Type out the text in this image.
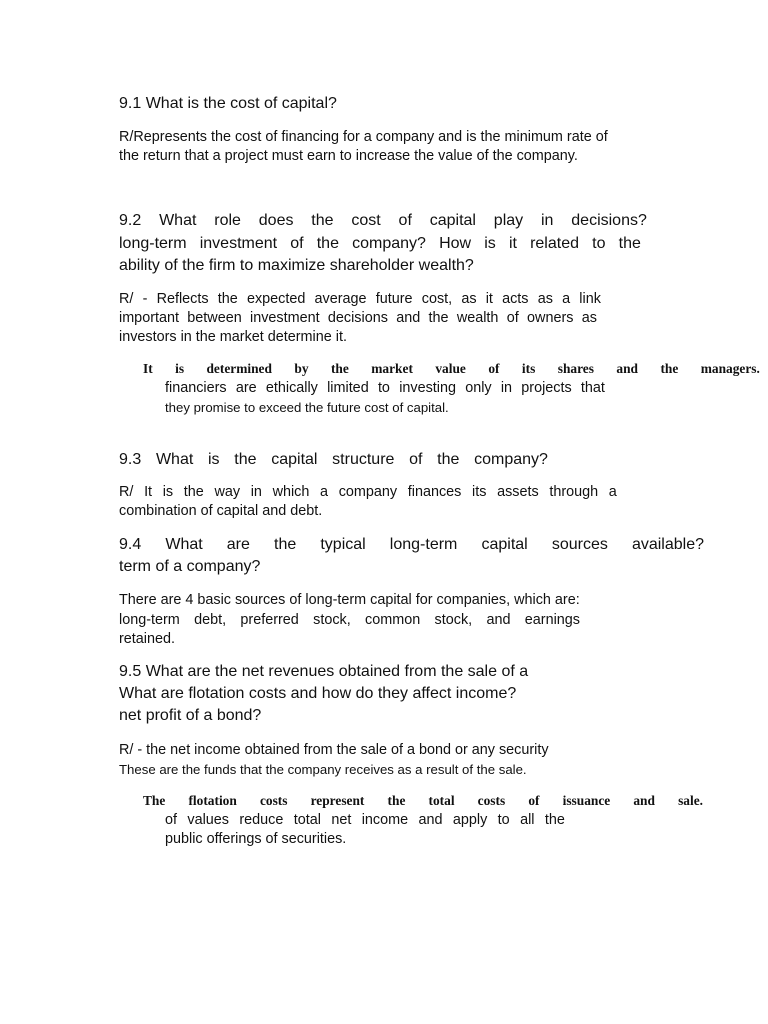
9.1 What is the cost of capital?
R/Represents the cost of financing for a company and is the minimum rate of
the return that a project must earn to increase the value of the company.
9.2 What role does the cost of capital play in decisions?
long-term investment of the company? How is it related to the
ability of the firm to maximize shareholder wealth?
R/ - Reflects the expected average future cost, as it acts as a link
important between investment decisions and the wealth of owners as
investors in the market determine it.
It is determined by the market value of its shares and the managers.
financiers are ethically limited to investing only in projects that
they promise to exceed the future cost of capital.
9.3 What is the capital structure of the company?
R/ It is the way in which a company finances its assets through a
combination of capital and debt.
9.4 What are the typical long-term capital sources available?
term of a company?
There are 4 basic sources of long-term capital for companies, which are:
long-term debt, preferred stock, common stock, and earnings
retained.
9.5 What are the net revenues obtained from the sale of a
What are flotation costs and how do they affect income?
net profit of a bond?
R/ - the net income obtained from the sale of a bond or any security
These are the funds that the company receives as a result of the sale.
The flotation costs represent the total costs of issuance and sale.
of values reduce total net income and apply to all the
public offerings of securities.
